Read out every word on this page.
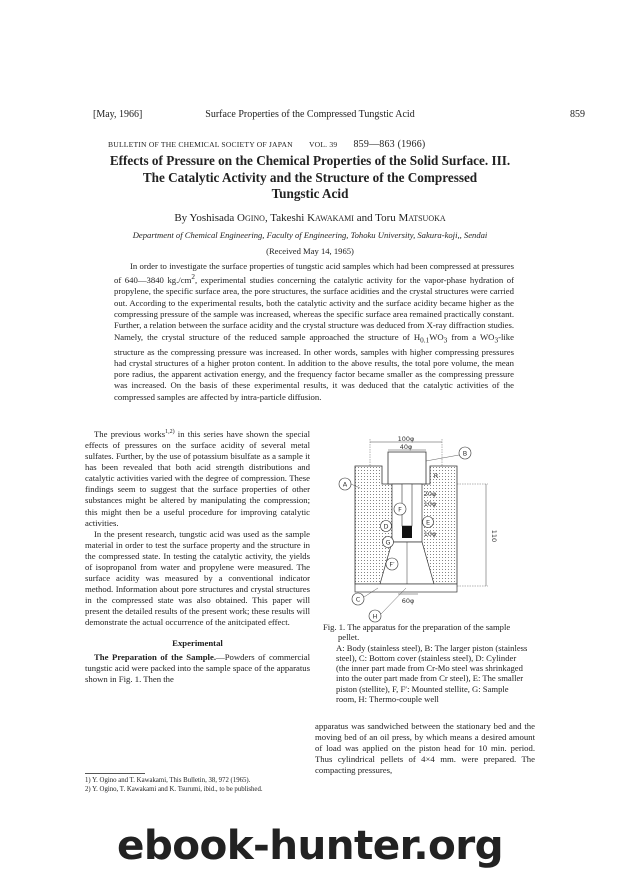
[May, 1966]	Surface Properties of the Compressed Tungstic Acid	859
BULLETIN OF THE CHEMICAL SOCIETY OF JAPAN VOL. 39 859—863 (1966)
Effects of Pressure on the Chemical Properties of the Solid Surface. III.
The Catalytic Activity and the Structure of the Compressed
Tungstic Acid
By Yoshisada Ogino, Takeshi Kawakami and Toru Matsuoka
Department of Chemical Engineering, Faculty of Engineering, Tohoku University, Sakura-koji,, Sendai
(Received May 14, 1965)
In order to investigate the surface properties of tungstic acid samples which had been compressed at pressures of 640—3840 $kg./cm^2$, experimental studies concerning the catalytic activity for the vapor-phase hydration of propylene, the specific surface area, the pore structures, the surface acidities and the crystal structures were carried out. According to the experimental results, both the catalytic activity and the surface acidity became higher as the compressing pressure of the sample was increased, whereas the specific surface area remained practically constant. Further, a relation between the surface acidity and the crystal structure was deduced from X-ray diffraction studies. Namely, the crystal structure of the reduced sample approached the structure of $H_{0.1}WO_3$ from a $WO_3$-like structure as the compressing pressure was increased. In other words, samples with higher compressing pressures had crystal structures of a higher proton content. In addition to the above results, the total pore volume, the mean pore radius, the apparent activation energy, and the frequency factor became smaller as the compressing pressure was increased. On the basis of these experimental results, it was deduced that the catalytic activities of the compressed samples are affected by intra-particle diffusion.

The previous works$^{1,2)}$ in this series have shown the special effects of pressures on the surface acidity of several metal sulfates. Further, by the use of potassium bisulfate as a sample it has been revealed that both acid strength distributions and catalytic activities varied with the degree of compression. These findings seem to suggest that the surface properties of other substances might be altered by manipulating the compression; this might then be a useful procedure for improving catalytic activities.

In the present research, tungstic acid was used as the sample material in order to test the surface property and the structure in the compressed state. In testing the catalytic activity, the yields of isopropanol from water and propylene were measured. The surface acidity was measured by a conventional indicator method. Information about pore structures and crystal structures in the compressed state was also obtained. This paper will present the detailed results of the present work; these results will demonstrate the actual occurrence of the anitcipated effect.

Experimental

The Preparation of the Sample.—Powders of commercial tungstic acid were packed into the sample space of the apparatus shown in Fig. 1. Then the

1) Y. Ogino and T. Kawakami, This Bulletin, 38, 972 (1965).
2) Y. Ogino, T. Kawakami and K. Tsurumi, ibid., to be published.
A
B
F
D	E
G
F′
C
H
100φ
40φ
R
20φ
10φ
10φ
60φ
110
Fig. 1. The apparatus for the preparation of the sample pellet.
A: Body (stainless steel), B: The larger piston (stainless steel), C: Bottom cover (stainless steel), D: Cylinder (the inner part made from Cr-Mo steel was shrinkaged into the outer part made from Cr steel), E: The smaller piston (stellite), F, F′: Mounted stellite, G: Sample room, H: Thermo-couple well

apparatus was sandwiched between the stationary bed and the moving bed of an oil press, by which means a desired amount of load was applied on the piston head for 10 min. period. Thus cylindrical pellets of 4×4 mm. were prepared. The compacting pressures,

ebook-hunter.org
